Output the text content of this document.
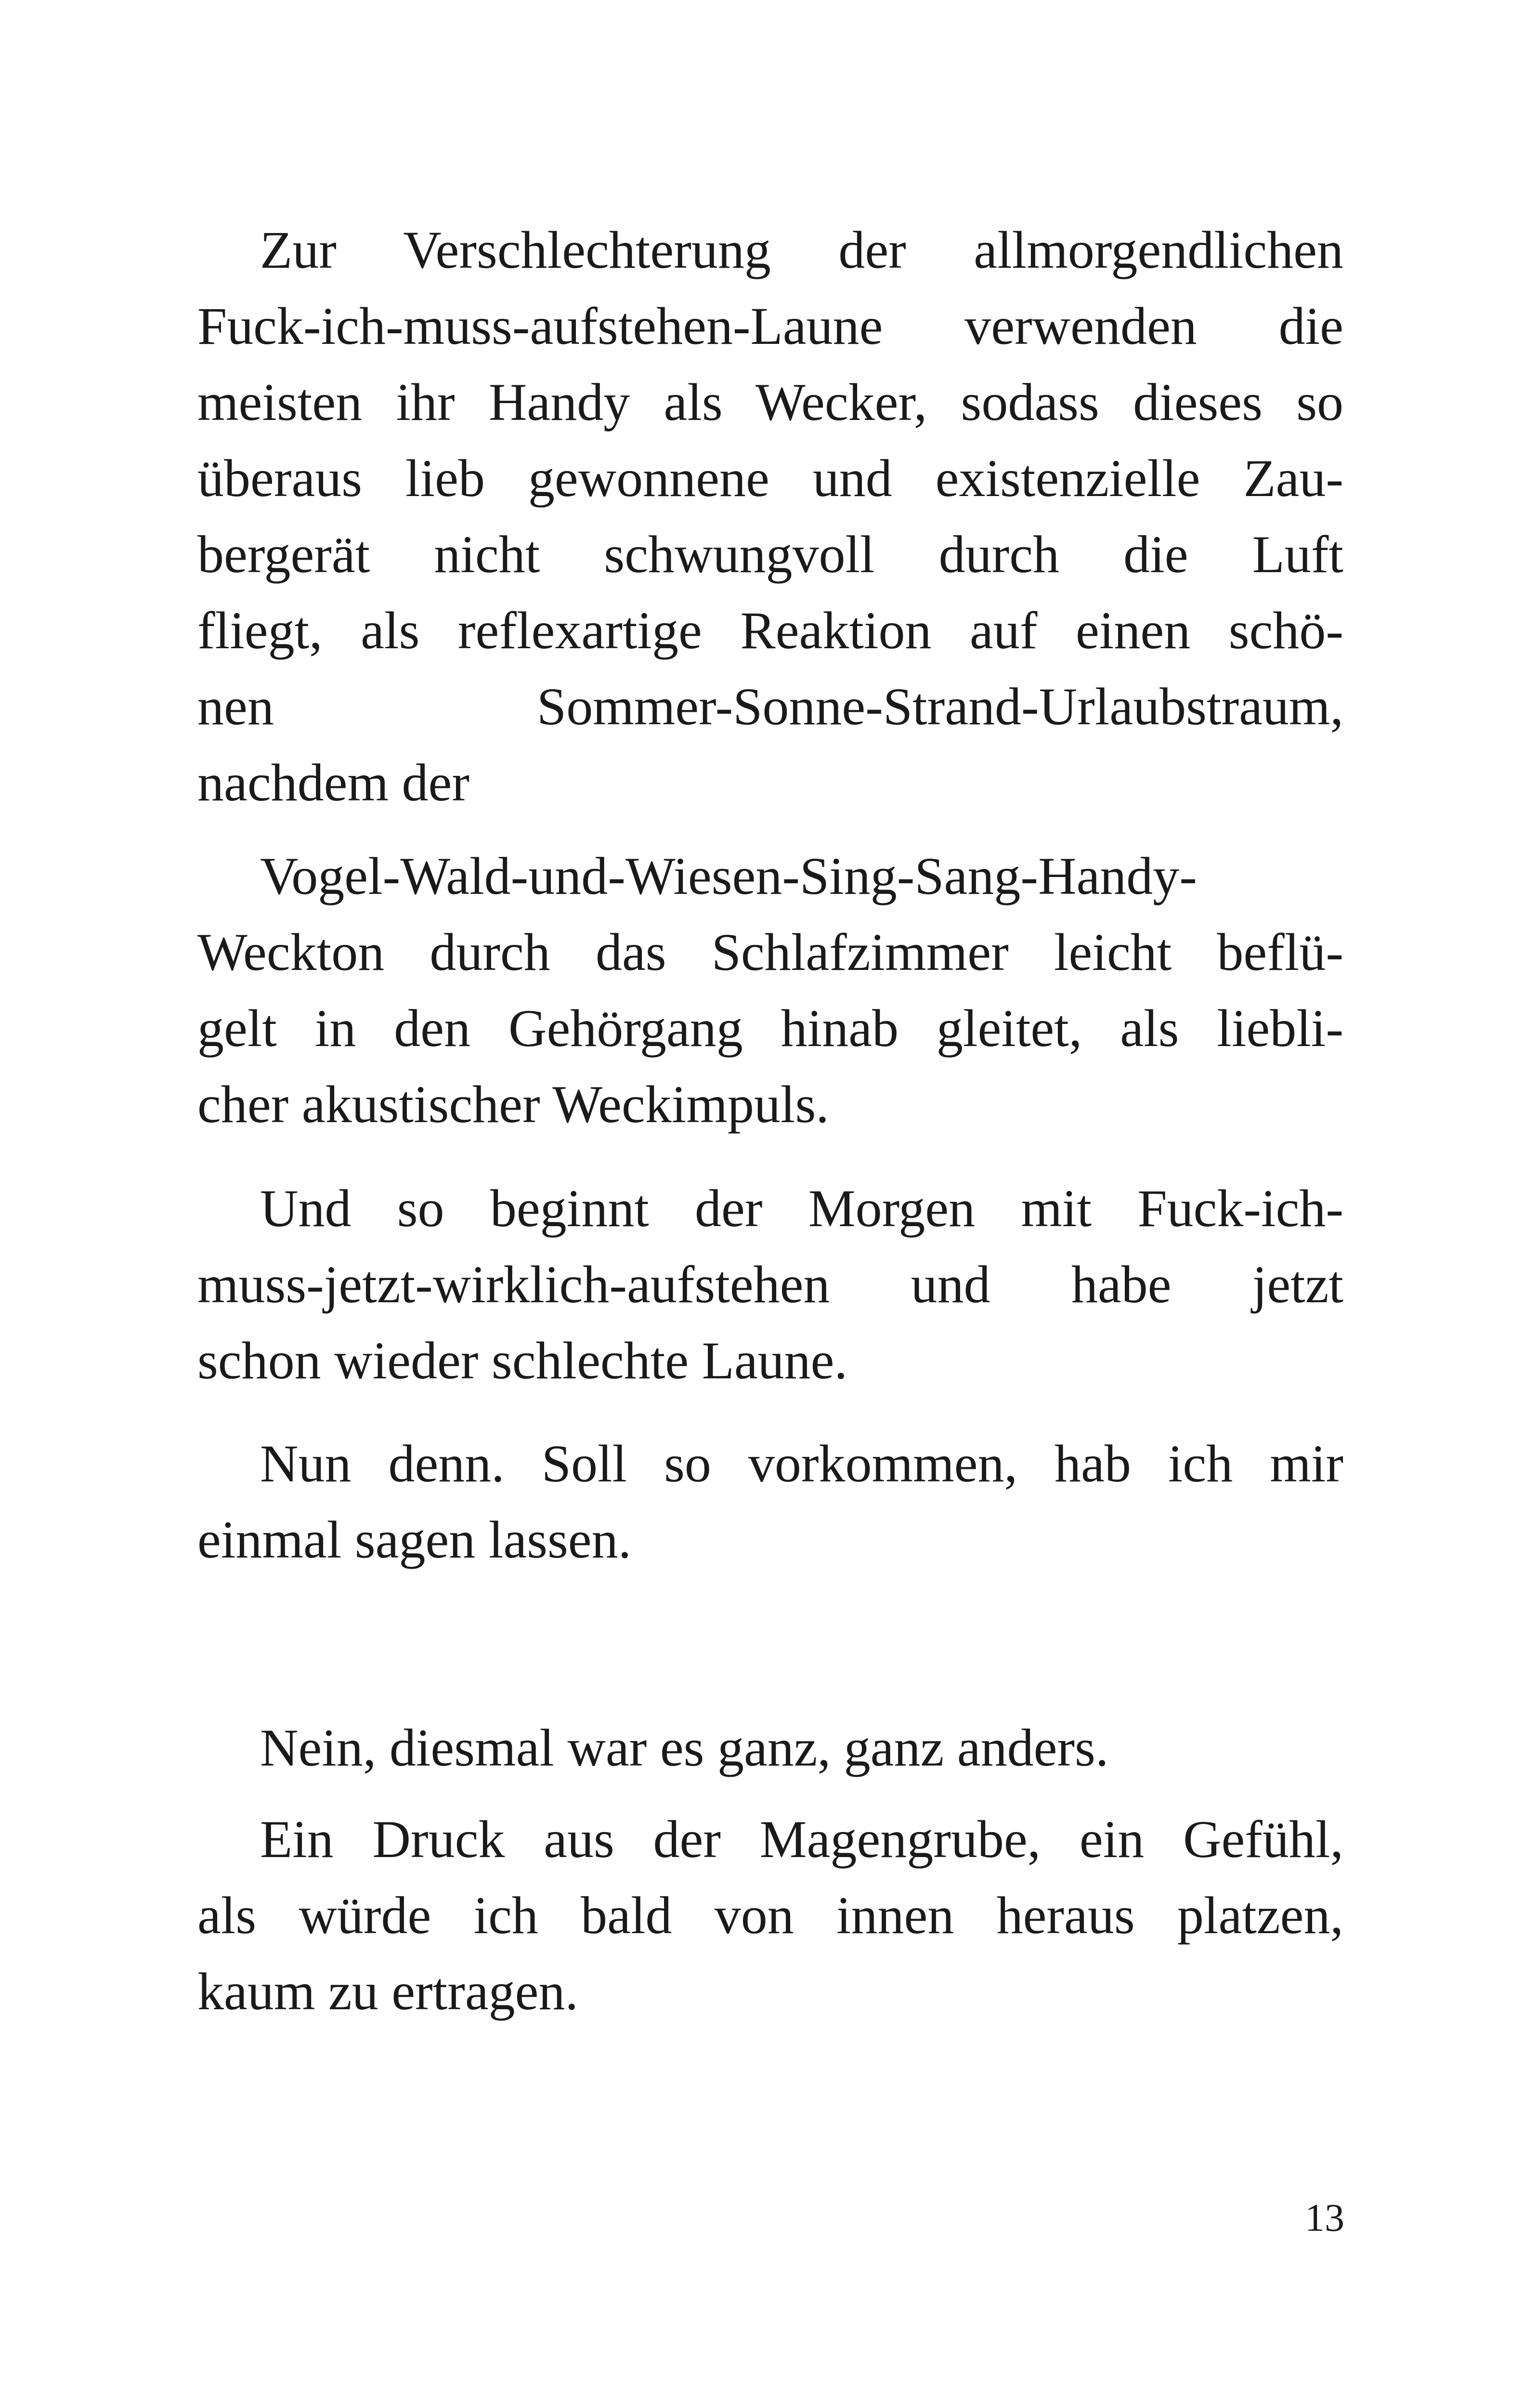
Zur Verschlechterung der allmorgendlichen
Fuck-ich-muss-aufstehen-Laune verwenden die
meisten ihr Handy als Wecker, sodass dieses so
überaus lieb gewonnene und existenzielle Zau-
bergerät nicht schwungvoll durch die Luft
fliegt, als reflexartige Reaktion auf einen schö-
nen Sommer-Sonne-Strand-Urlaubstraum,
nachdem der
Vogel-Wald-und-Wiesen-Sing-Sang-Handy-
Weckton durch das Schlafzimmer leicht beflü-
gelt in den Gehörgang hinab gleitet, als liebli-
cher akustischer Weckimpuls.
Und so beginnt der Morgen mit Fuck-ich-
muss-jetzt-wirklich-aufstehen und habe jetzt
schon wieder schlechte Laune.
Nun denn. Soll so vorkommen, hab ich mir
einmal sagen lassen.
Nein, diesmal war es ganz, ganz anders.
Ein Druck aus der Magengrube, ein Gefühl,
als würde ich bald von innen heraus platzen,
kaum zu ertragen.
13
